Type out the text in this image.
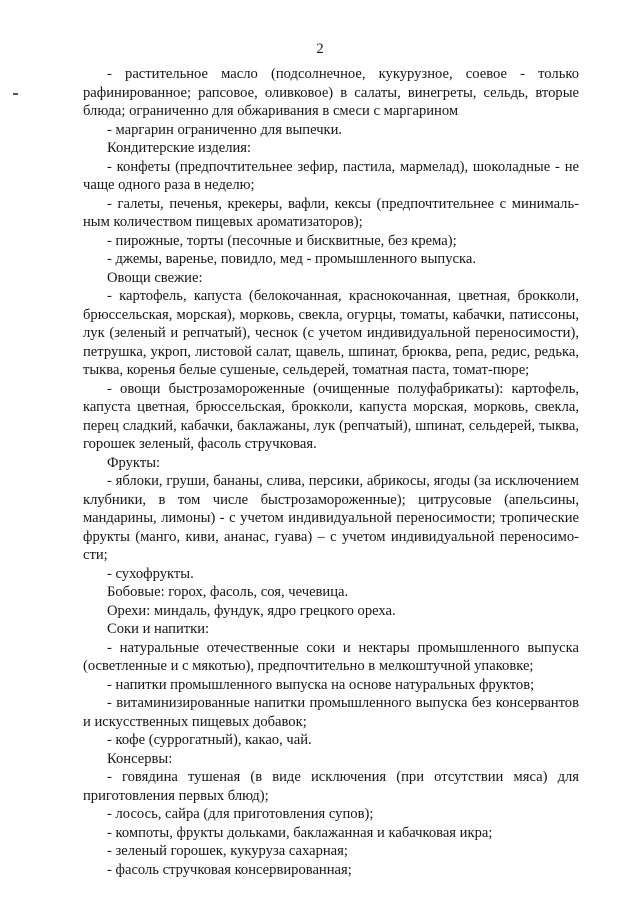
2

- растительное масло (подсолнечное, кукурузное, соевое - только рафинированное; рапсовое, оливковое) в салаты, винегреты, сельдь, вторые блюда; ограниченно для обжаривания в смеси с маргарином

- маргарин ограниченно для выпечки.

Кондитерские изделия:

- конфеты (предпочтительнее зефир, пастила, мармелад), шоколадные - не чаще одного раза в неделю;

- галеты, печенья, крекеры, вафли, кексы (предпочтительнее с минимальным количеством пищевых ароматизаторов);

- пирожные, торты (песочные и бисквитные, без крема);

- джемы, варенье, повидло, мед - промышленного выпуска.

Овощи свежие:

- картофель, капуста (белокочанная, краснокочанная, цветная, брокколи, брюссельская, морская), морковь, свекла, огурцы, томаты, кабачки, патиссоны, лук (зеленый и репчатый), чеснок (с учетом индивидуальной переносимости), петрушка, укроп, листовой салат, щавель, шпинат, брюква, репа, редис, редька, тыква, коренья белые сушеные, сельдерей, томатная паста, томат-пюре;

- овощи быстрозамороженные (очищенные полуфабрикаты): картофель, капуста цветная, брюссельская, брокколи, капуста морская, морковь, свекла, перец сладкий, кабачки, баклажаны, лук (репчатый), шпинат, сельдерей, тыква, горошек зеленый, фасоль стручковая.

Фрукты:

- яблоки, груши, бананы, слива, персики, абрикосы, ягоды (за исключением клубники, в том числе быстрозамороженные); цитрусовые (апельсины, мандарины, лимоны) - с учетом индивидуальной переносимости; тропические фрукты (манго, киви, ананас, гуава) – с учетом индивидуальной переносимости;

- сухофрукты.

Бобовые: горох, фасоль, соя, чечевица.

Орехи: миндаль, фундук, ядро грецкого ореха.

Соки и напитки:

- натуральные отечественные соки и нектары промышленного выпуска (осветленные и с мякотью), предпочтительно в мелкоштучной упаковке;

- напитки промышленного выпуска на основе натуральных фруктов;

- витаминизированные напитки промышленного выпуска без консервантов и искусственных пищевых добавок;

- кофе (суррогатный), какао, чай.

Консервы:

- говядина тушеная (в виде исключения (при отсутствии мяса) для приготовления первых блюд);

- лосось, сайра (для приготовления супов);

- компоты, фрукты дольками, баклажанная и кабачковая икра;

- зеленый горошек, кукуруза сахарная;

- фасоль стручковая консервированная;
